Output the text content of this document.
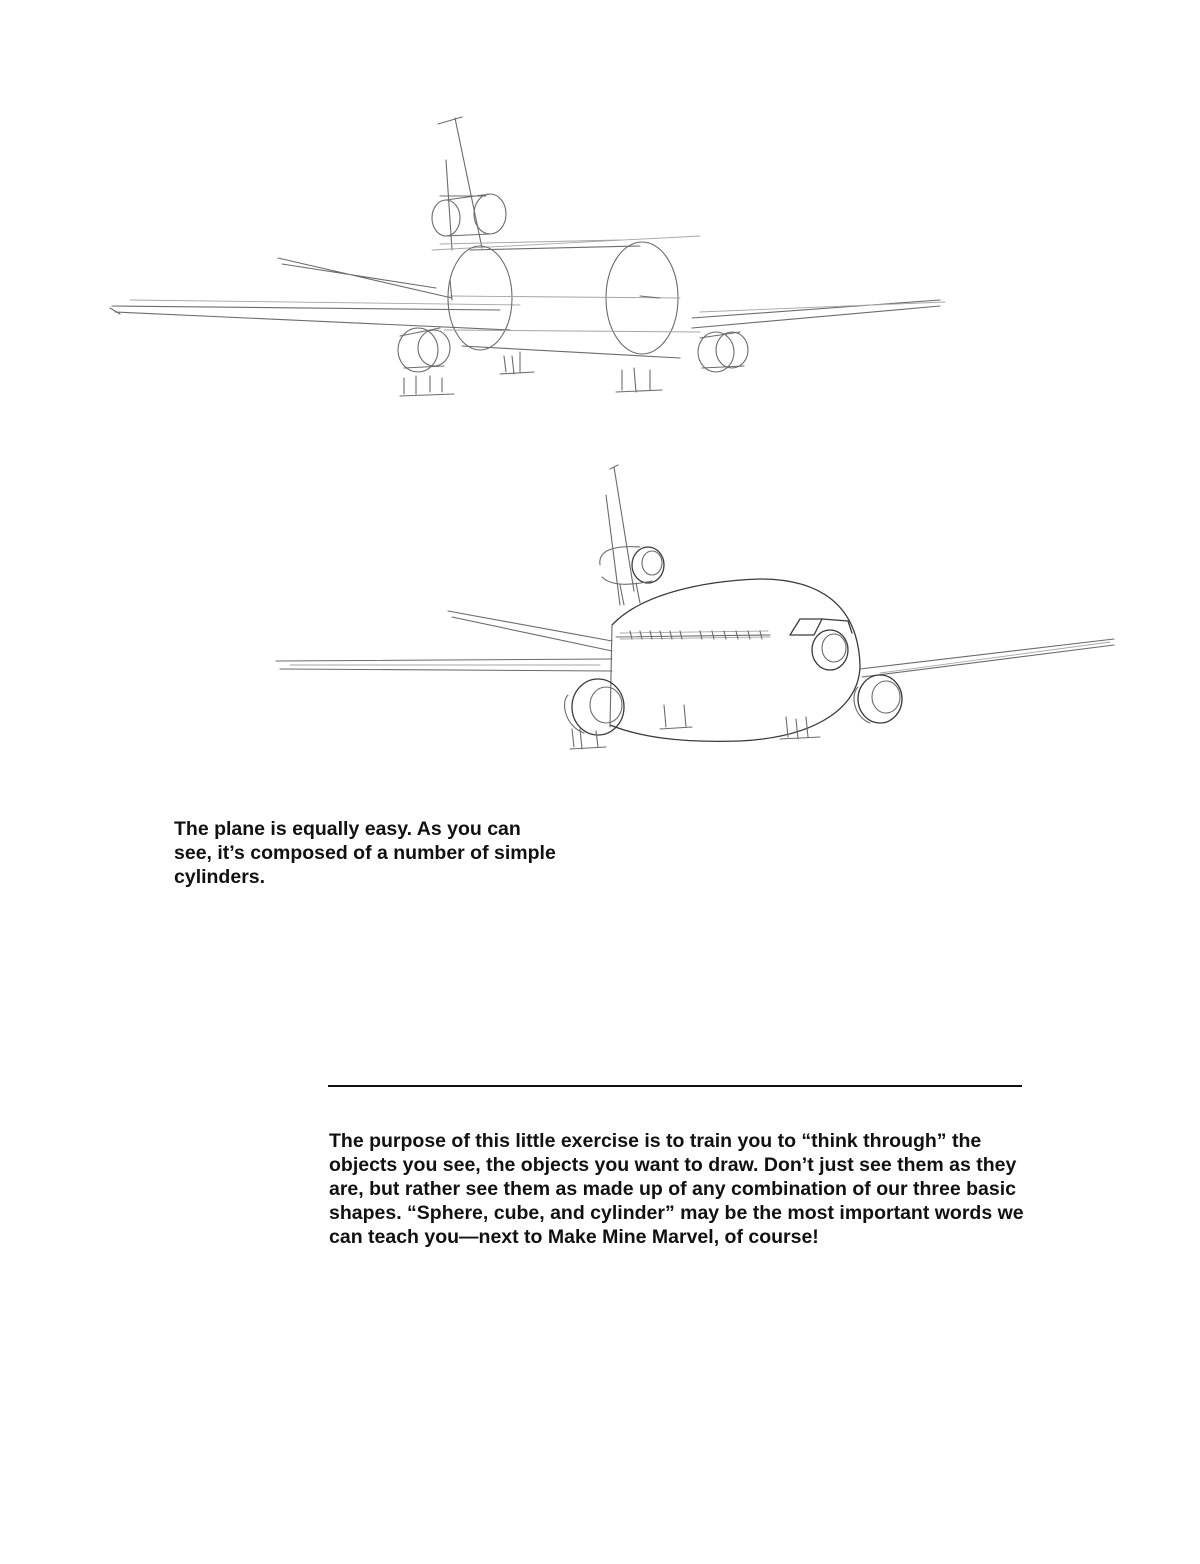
The plane is equally easy. As you can
see, it’s composed of a number of simple
cylinders.

The purpose of this little exercise is to train you to “think through” the
objects you see, the objects you want to draw. Don’t just see them as they
are, but rather see them as made up of any combination of our three basic
shapes. “Sphere, cube, and cylinder” may be the most important words we
can teach you—next to Make Mine Marvel, of course!
